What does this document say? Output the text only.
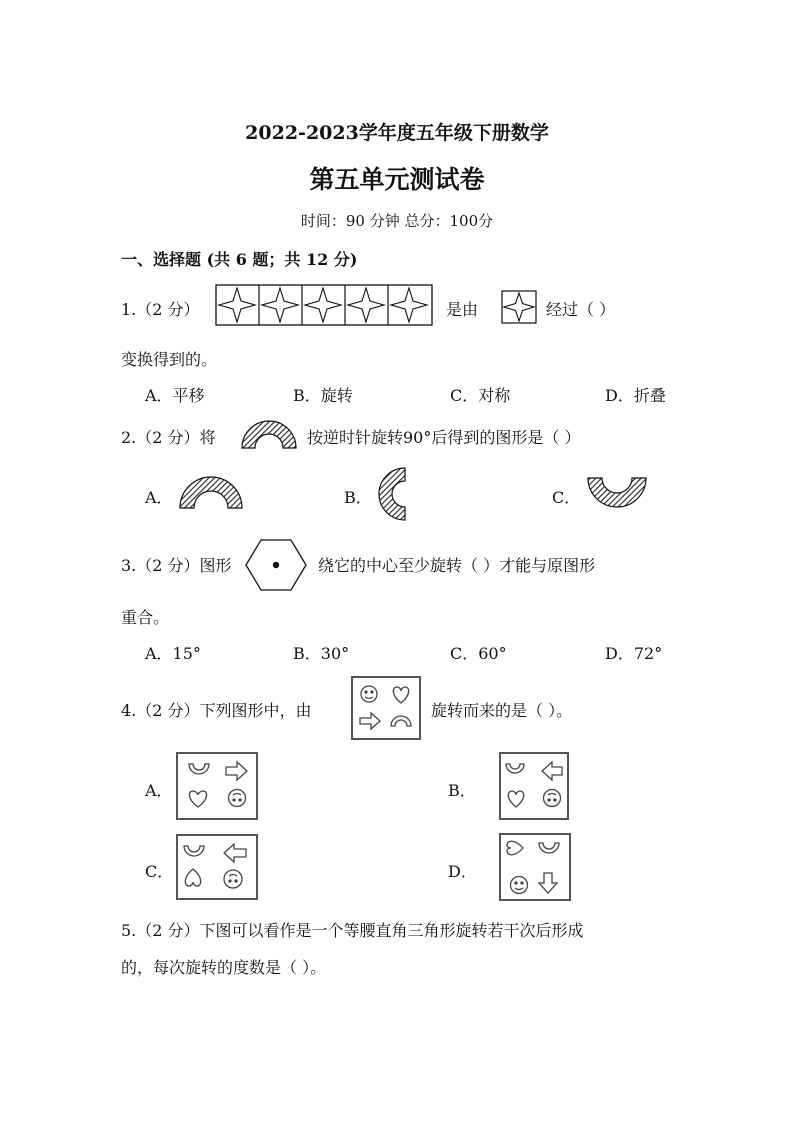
2022-2023学年度五年级下册数学
第五单元测试卷
时间：90 分钟 总分：100分
一、选择题 (共 6 题；共 12 分)
1.（2 分）	是由	经过（ ）
变换得到的。
A．平移	B．旋转	C．对称	D．折叠
2.（2 分）将	按逆时针旋转90°后得到的图形是（ ）
A．	B．	C．
3.（2 分）图形	绕它的中心至少旋转（ ）才能与原图形
重合。
A．15°	B．30°	C．60°	D．72°
4.（2 分）下列图形中，由	旋转而来的是（ ）。
A．	B．
C．	D．
5.（2 分）下图可以看作是一个等腰直角三角形旋转若干次后形成
的，每次旋转的度数是（ ）。
